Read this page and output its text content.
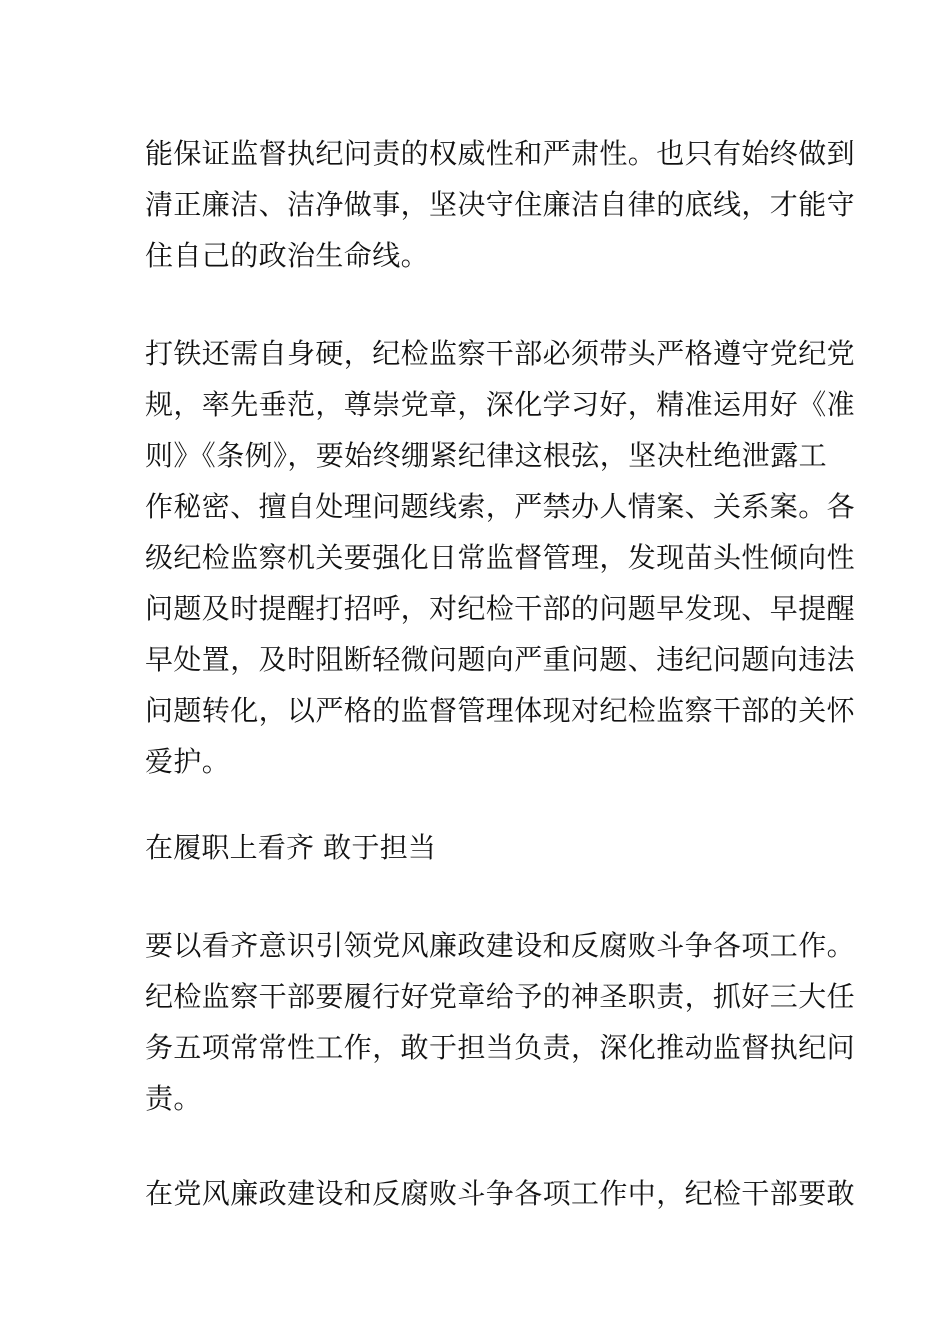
能保证监督执纪问责的权威性和严肃性。也只有始终做到
清正廉洁、洁净做事，坚决守住廉洁自律的底线，才能守
住自己的政治生命线。
打铁还需自身硬，纪检监察干部必须带头严格遵守党纪党
规，率先垂范，尊崇党章，深化学习好，精准运用好《准
则》《条例》，要始终绷紧纪律这根弦，坚决杜绝泄露工
作秘密、擅自处理问题线索，严禁办人情案、关系案。各
级纪检监察机关要强化日常监督管理，发现苗头性倾向性
问题及时提醒打招呼，对纪检干部的问题早发现、早提醒
早处置，及时阻断轻微问题向严重问题、违纪问题向违法
问题转化，以严格的监督管理体现对纪检监察干部的关怀
爱护。
在履职上看齐 敢于担当
要以看齐意识引领党风廉政建设和反腐败斗争各项工作。
纪检监察干部要履行好党章给予的神圣职责，抓好三大任
务五项常常性工作，敢于担当负责，深化推动监督执纪问
责。
在党风廉政建设和反腐败斗争各项工作中，纪检干部要敢
